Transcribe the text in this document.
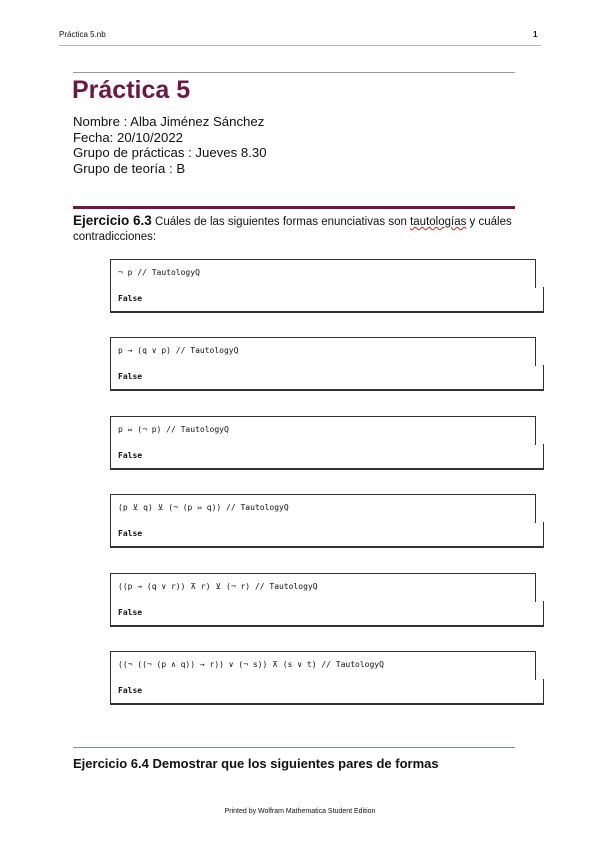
Práctica 5.nb	1
Práctica 5
Nombre : Alba Jiménez Sánchez
Fecha: 20/10/2022
Grupo de prácticas : Jueves 8.30
Grupo de teoría : B
Ejercicio 6.3 Cuáles de las siguientes formas enunciativas son tautologías y cuáles contradicciones:
¬ p // TautologyQ
False
p → (q ∨ p) // TautologyQ
False
p ⇔ (¬ p) // TautologyQ
False
(p ⊻ q) ⊻ (¬ (p ⇔ q)) // TautologyQ
False
((p → (q ∨ r)) ⊼ r) ⊻ (¬ r) // TautologyQ
False
((¬ ((¬ (p ∧ q)) → r)) ∨ (¬ s)) ⊼ (s ∨ t) // TautologyQ
False
Ejercicio 6.4 Demostrar que los siguientes pares de formas
Printed by Wolfram Mathematica Student Edition
